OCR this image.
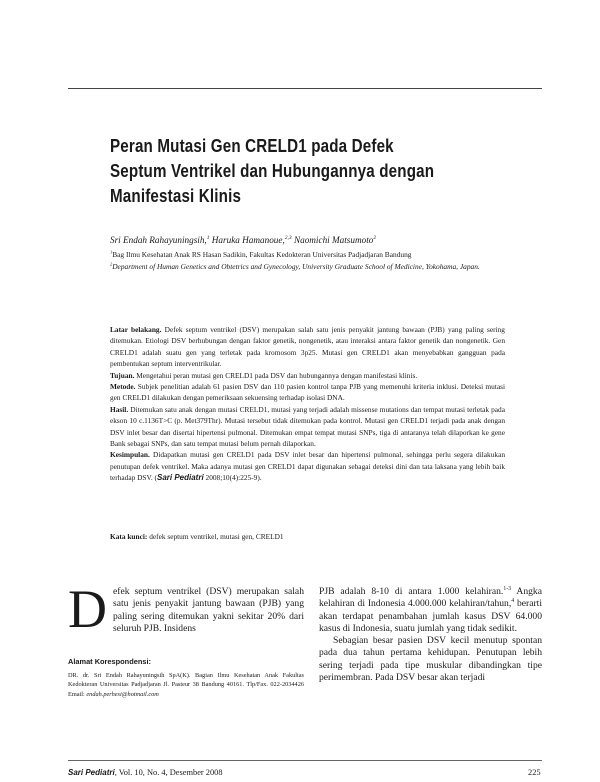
Peran Mutasi Gen CRELD1 pada Defek Septum Ventrikel dan Hubungannya dengan Manifestasi Klinis
Sri Endah Rahayuningsih,$^1$ Haruka Hamanoue,$^{2,3}$ Naomichi Matsumoto$^2$
$^1$Bag Ilmu Kesehatan Anak RS Hasan Sadikin, Fakultas Kedokteran Universitas Padjadjaran Bandung
$^2$Department of Human Genetics and Obtetrics and Gynecology, University Graduate School of Medicine, Yokohama, Japan.

Latar belakang. Defek septum ventrikel (DSV) merupakan salah satu jenis penyakit jantung bawaan (PJB) yang paling sering ditemukan. Etiologi DSV berhubungan dengan faktor genetik, nongenetik, atau interaksi antara faktor genetik dan nongenetik. Gen CRELD1 adalah suatu gen yang terletak pada kromosom 3p25. Mutasi gen CRELD1 akan menyebabkan gangguan pada pembentukan septum interventrikular.

Tujuan. Mengetahui peran mutasi gen CRELD1 pada DSV dan hubungannya dengan manifestasi klinis.

Metode. Subjek penelitian adalah 61 pasien DSV dan 110 pasien kontrol tanpa PJB yang memenuhi kriteria inklusi. Deteksi mutasi gen CRELD1 dilakukan dengan pemeriksaan sekuensing terhadap isolasi DNA.

Hasil. Ditemukan satu anak dengan mutasi CRELD1, mutasi yang terjadi adalah missense mutations dan tempat mutasi terletak pada ekson 10 c.1136T>C (p. Met379Thr). Mutasi tersebut tidak ditemukan pada kontrol. Mutasi gen CRELD1 terjadi pada anak dengan DSV inlet besar dan disertai hipertensi pulmonal. Ditemukan empat tempat mutasi SNPs, tiga di antaranya telah dilaporkan ke gene Bank sebagai SNPs, dan satu tempat mutasi belum pernah dilaporkan.

Kesimpulan. Didapatkan mutasi gen CRELD1 pada DSV inlet besar dan hipertensi pulmonal, sehingga perlu segera dilakukan penutupan defek ventrikel. Maka adanya mutasi gen CRELD1 dapat digunakan sebagai deteksi dini dan tata laksana yang lebih baik terhadap DSV. (Sari Pediatri 2008;10(4):225-9).

Kata kunci: defek septum ventrikel, mutasi gen, CRELD1
Defek septum ventrikel (DSV) merupakan salah satu jenis penyakit jantung bawaan (PJB) yang paling sering ditemukan yakni sekitar 20% dari seluruh PJB. Insidens
Alamat Korespondensi:
DR. dr. Sri Endah Rahayuningsih SpA(K). Bagian Ilmu Kesehatan Anak Fakultas Kedokteran Universitas Padjadjaran Jl. Pasteur 38 Bandung 40161. Tlp/Fax. 022-2034426 Email: endah.perhesi@hotmail.com

PJB adalah 8-10 di antara 1.000 kelahiran.$^{1-3}$ Angka kelahiran di Indonesia 4.000.000 kelahiran/tahun,$^4$ berarti akan terdapat penambahan jumlah kasus DSV 64.000 kasus di Indonesia, suatu jumlah yang tidak sedikit.

Sebagian besar pasien DSV kecil menutup spontan pada dua tahun pertama kehidupan. Penutupan lebih sering terjadi pada tipe muskular dibandingkan tipe perimembran. Pada DSV besar akan terjadi

Sari Pediatri, Vol. 10, No. 4, Desember 2008	225
